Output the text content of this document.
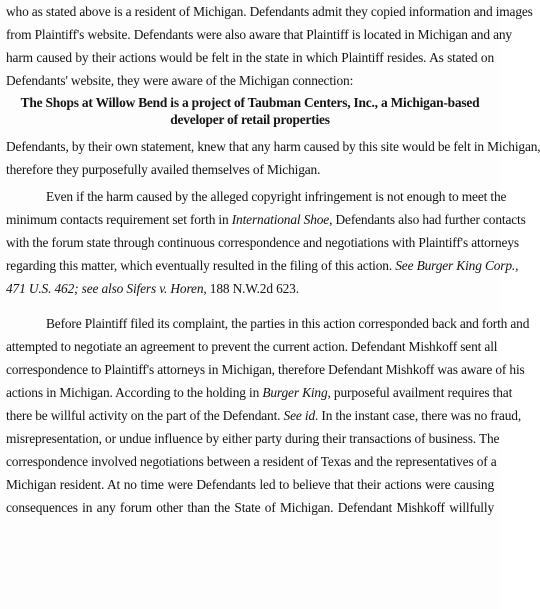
who as stated above is a resident of Michigan. Defendants admit they copied information and images
from Plaintiff's website. Defendants were also aware that Plaintiff is located in Michigan and any
harm caused by their actions would be felt in the state in which Plaintiff resides. As stated on
Defendants' website, they were aware of the Michigan connection:
The Shops at Willow Bend is a project of Taubman Centers, Inc., a Michigan-based
developer of retail properties
Defendants, by their own statement, knew that any harm caused by this site would be felt in Michigan,
therefore they purposefully availed themselves of Michigan.
Even if the harm caused by the alleged copyright infringement is not enough to meet the
minimum contacts requirement set forth in International Shoe, Defendants also had further contacts
with the forum state through continuous correspondence and negotiations with Plaintiff's attorneys
regarding this matter, which eventually resulted in the filing of this action. See Burger King Corp.,
471 U.S. 462; see also Sifers v. Horen, 188 N.W.2d 623.
Before Plaintiff filed its complaint, the parties in this action corresponded back and forth and
attempted to negotiate an agreement to prevent the current action. Defendant Mishkoff sent all
correspondence to Plaintiff's attorneys in Michigan, therefore Defendant Mishkoff was aware of his
actions in Michigan. According to the holding in Burger King, purposeful availment requires that
there be willful activity on the part of the Defendant. See id. In the instant case, there was no fraud,
misrepresentation, or undue influence by either party during their transactions of business. The
correspondence involved negotiations between a resident of Texas and the representatives of a
Michigan resident. At no time were Defendants led to believe that their actions were causing
consequences in any forum other than the State of Michigan. Defendant Mishkoff willfully
